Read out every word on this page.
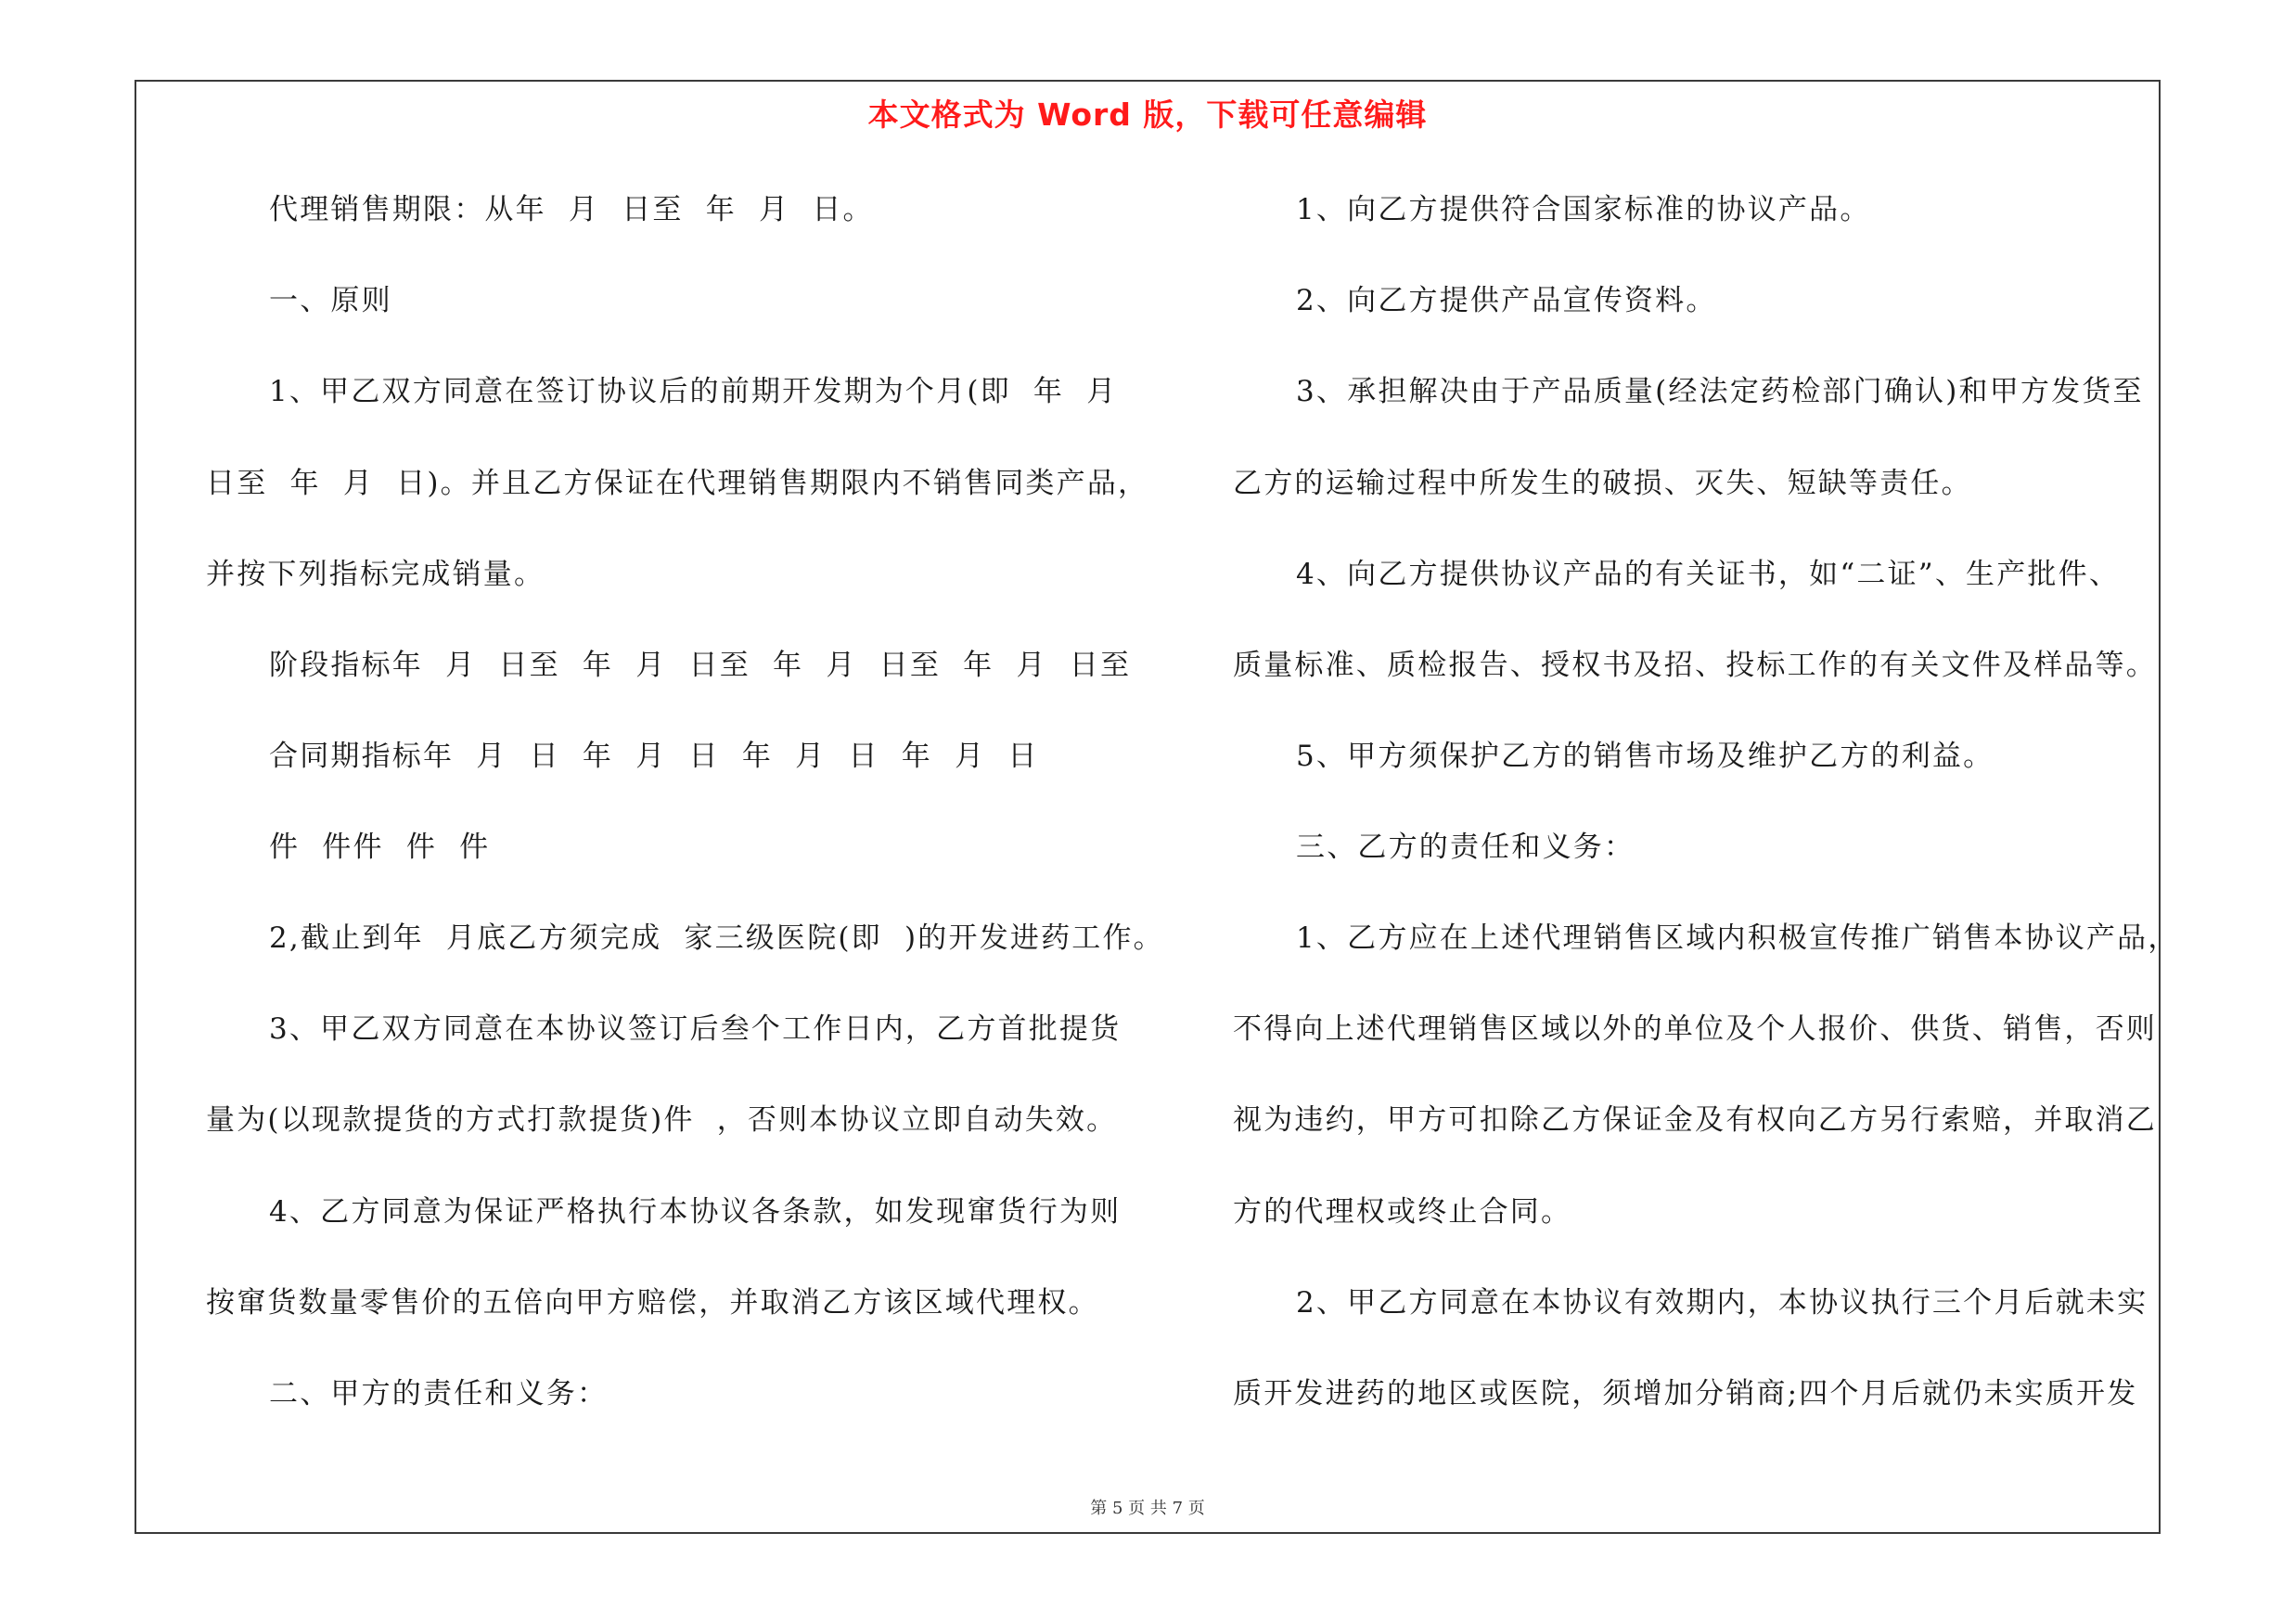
本文格式为 Word 版，下载可任意编辑
代理销售期限：从年  月  日至  年  月  日。
一、原则
1、甲乙双方同意在签订协议后的前期开发期为个月(即  年  月
日至  年  月  日)。并且乙方保证在代理销售期限内不销售同类产品，
并按下列指标完成销量。
阶段指标年  月  日至  年  月  日至  年  月  日至  年  月  日至
合同期指标年  月  日  年  月  日  年  月  日  年  月  日
件  件件  件  件
2,截止到年  月底乙方须完成  家三级医院(即  )的开发进药工作。
3、甲乙双方同意在本协议签订后叁个工作日内，乙方首批提货
量为(以现款提货的方式打款提货)件  ，否则本协议立即自动失效。
4、乙方同意为保证严格执行本协议各条款，如发现窜货行为则
按窜货数量零售价的五倍向甲方赔偿，并取消乙方该区域代理权。
二、甲方的责任和义务：
1、向乙方提供符合国家标准的协议产品。
2、向乙方提供产品宣传资料。
3、承担解决由于产品质量(经法定药检部门确认)和甲方发货至
乙方的运输过程中所发生的破损、灭失、短缺等责任。
4、向乙方提供协议产品的有关证书，如“二证”、生产批件、
质量标准、质检报告、授权书及招、投标工作的有关文件及样品等。
5、甲方须保护乙方的销售市场及维护乙方的利益。
三、乙方的责任和义务：
1、乙方应在上述代理销售区域内积极宣传推广销售本协议产品，
不得向上述代理销售区域以外的单位及个人报价、供货、销售，否则
视为违约，甲方可扣除乙方保证金及有权向乙方另行索赔，并取消乙
方的代理权或终止合同。
2、甲乙方同意在本协议有效期内，本协议执行三个月后就未实
质开发进药的地区或医院，须增加分销商;四个月后就仍未实质开发
第 5 页 共 7 页
